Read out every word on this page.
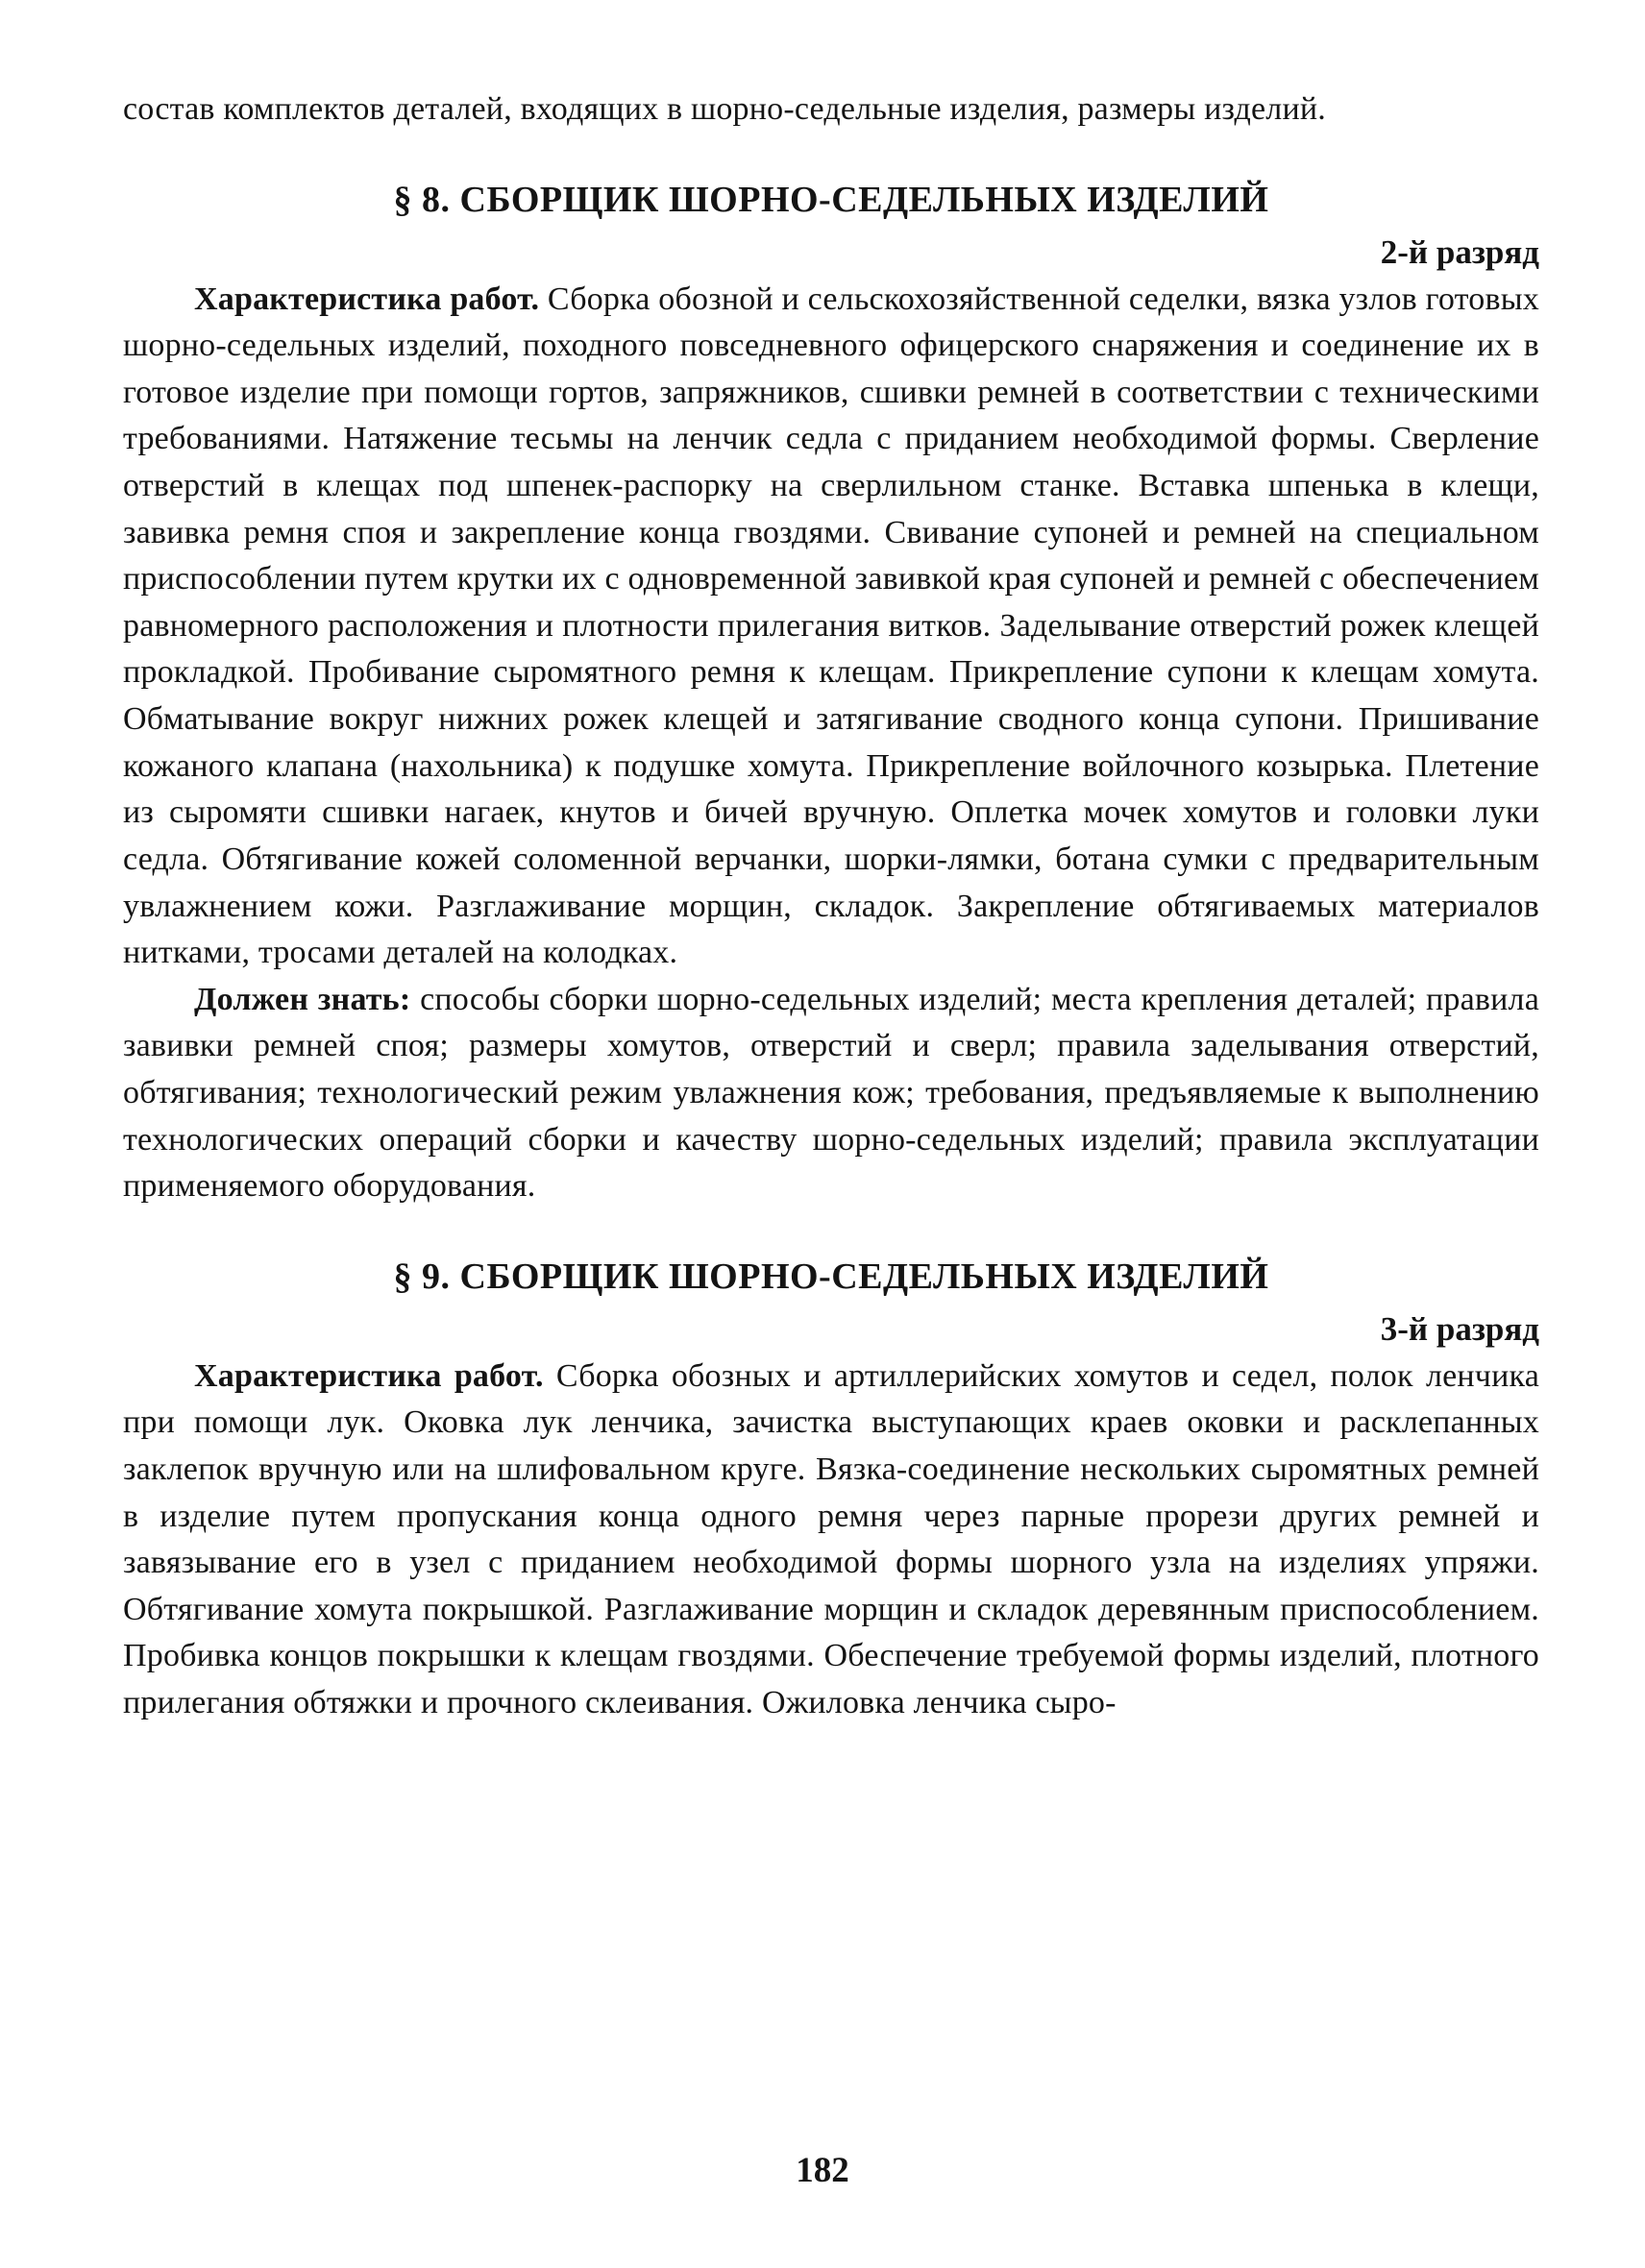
состав комплектов деталей, входящих в шорно-седельные изделия, размеры изделий.

§ 8. СБОРЩИК ШОРНО-СЕДЕЛЬНЫХ ИЗДЕЛИЙ
2-й разряд

Характеристика работ. Сборка обозной и сельскохозяйственной седелки, вязка узлов готовых шорно-седельных изделий, походного повседневного офицерского снаряжения и соединение их в готовое изделие при помощи гортов, запряжников, сшивки ремней в соответствии с техническими требованиями. Натяжение тесьмы на ленчик седла с приданием необходимой формы. Сверление отверстий в клещах под шпенек-распорку на сверлильном станке. Вставка шпенька в клещи, завивка ремня споя и закрепление конца гвоздями. Свивание супоней и ремней на специальном приспособлении путем крутки их с одновременной завивкой края супоней и ремней с обеспечением равномерного расположения и плотности прилегания витков. Заделывание отверстий рожек клещей прокладкой. Пробивание сыромятного ремня к клещам. Прикрепление супони к клещам хомута. Обматывание вокруг нижних рожек клещей и затягивание сводного конца супони. Пришивание кожаного клапана (нахольника) к подушке хомута. Прикрепление войлочного козырька. Плетение из сыромяти сшивки нагаек, кнутов и бичей вручную. Оплетка мочек хомутов и головки луки седла. Обтягивание кожей соломенной верчанки, шорки-лямки, ботана сумки с предварительным увлажнением кожи. Разглаживание морщин, складок. Закрепление обтягиваемых материалов нитками, тросами деталей на колодках.

Должен знать: способы сборки шорно-седельных изделий; места крепления деталей; правила завивки ремней споя; размеры хомутов, отверстий и сверл; правила заделывания отверстий, обтягивания; технологический режим увлажнения кож; требования, предъявляемые к выполнению технологических операций сборки и качеству шорно-седельных изделий; правила эксплуатации применяемого оборудования.

§ 9. СБОРЩИК ШОРНО-СЕДЕЛЬНЫХ ИЗДЕЛИЙ
3-й разряд

Характеристика работ. Сборка обозных и артиллерийских хомутов и седел, полок ленчика при помощи лук. Оковка лук ленчика, зачистка выступающих краев оковки и расклепанных заклепок вручную или на шлифовальном круге. Вязка-соединение нескольких сыромятных ремней в изделие путем пропускания конца одного ремня через парные прорези других ремней и завязывание его в узел с приданием необходимой формы шорного узла на изделиях упряжи. Обтягивание хомута покрышкой. Разглаживание морщин и складок деревянным приспособлением. Пробивка концов покрышки к клещам гвоздями. Обеспечение требуемой формы изделий, плотного прилегания обтяжки и прочного склеивания. Ожиловка ленчика сыро-

182
